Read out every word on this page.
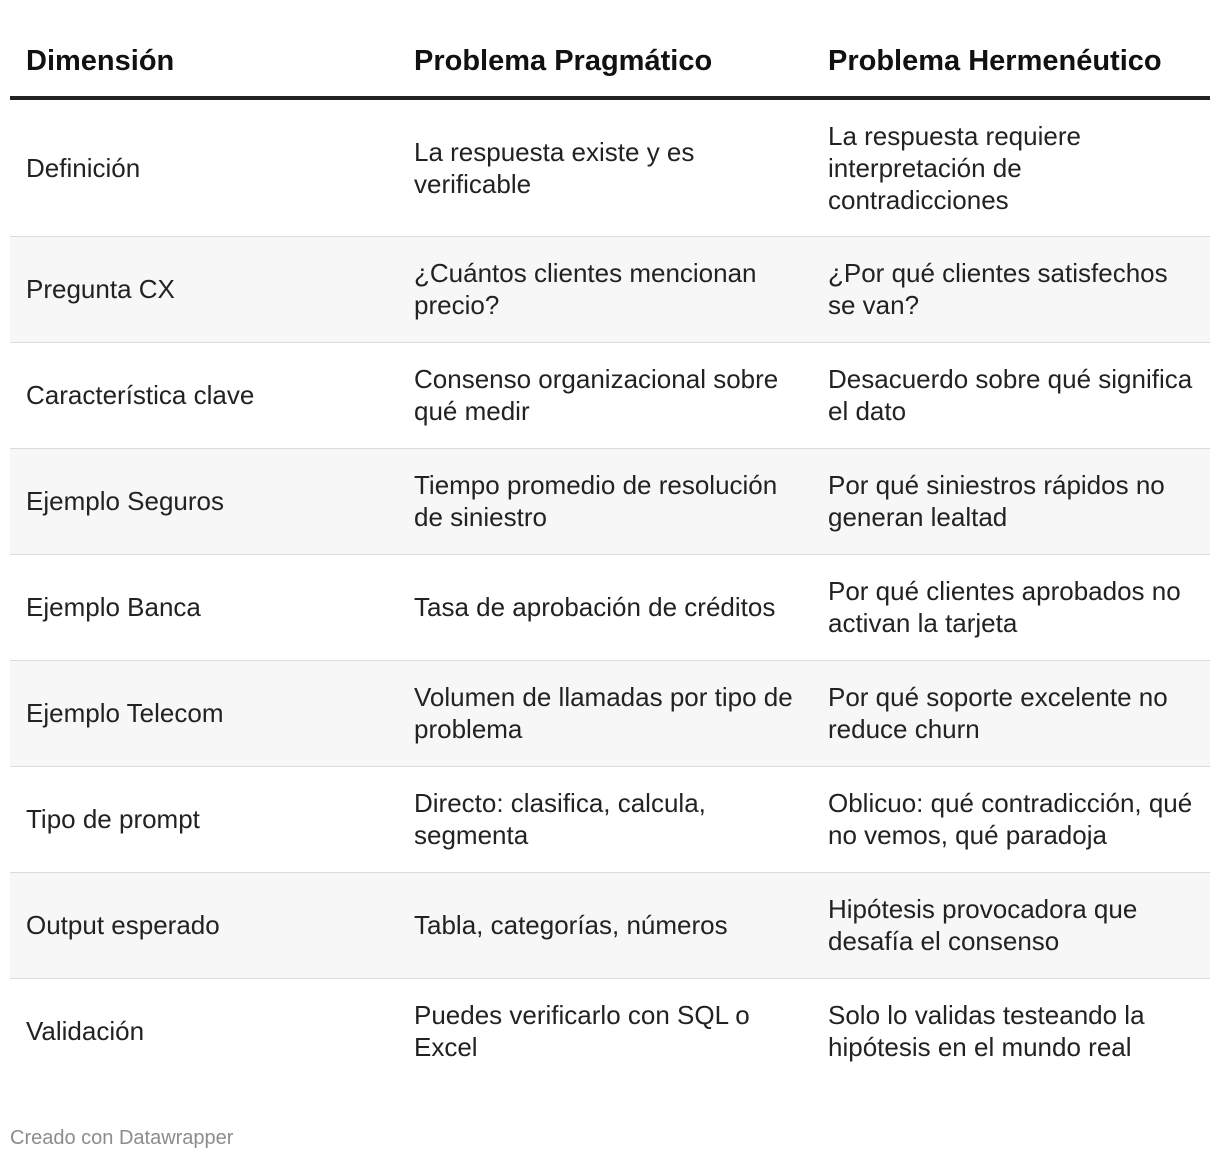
Dimensión	Problema Pragmático	Problema Hermenéutico
Definición	La respuesta existe y es verificable	La respuesta requiere interpretación de contradicciones
Pregunta CX	¿Cuántos clientes mencionan precio?	¿Por qué clientes satisfechos se van?
Característica clave	Consenso organizacional sobre qué medir	Desacuerdo sobre qué significa el dato
Ejemplo Seguros	Tiempo promedio de resolución de siniestro	Por qué siniestros rápidos no generan lealtad
Ejemplo Banca	Tasa de aprobación de créditos	Por qué clientes aprobados no activan la tarjeta
Ejemplo Telecom	Volumen de llamadas por tipo de problema	Por qué soporte excelente no reduce churn
Tipo de prompt	Directo: clasifica, calcula, segmenta	Oblicuo: qué contradicción, qué no vemos, qué paradoja
Output esperado	Tabla, categorías, números	Hipótesis provocadora que desafía el consenso
Validación	Puedes verificarlo con SQL o Excel	Solo lo validas testeando la hipótesis en el mundo real
Creado con Datawrapper
